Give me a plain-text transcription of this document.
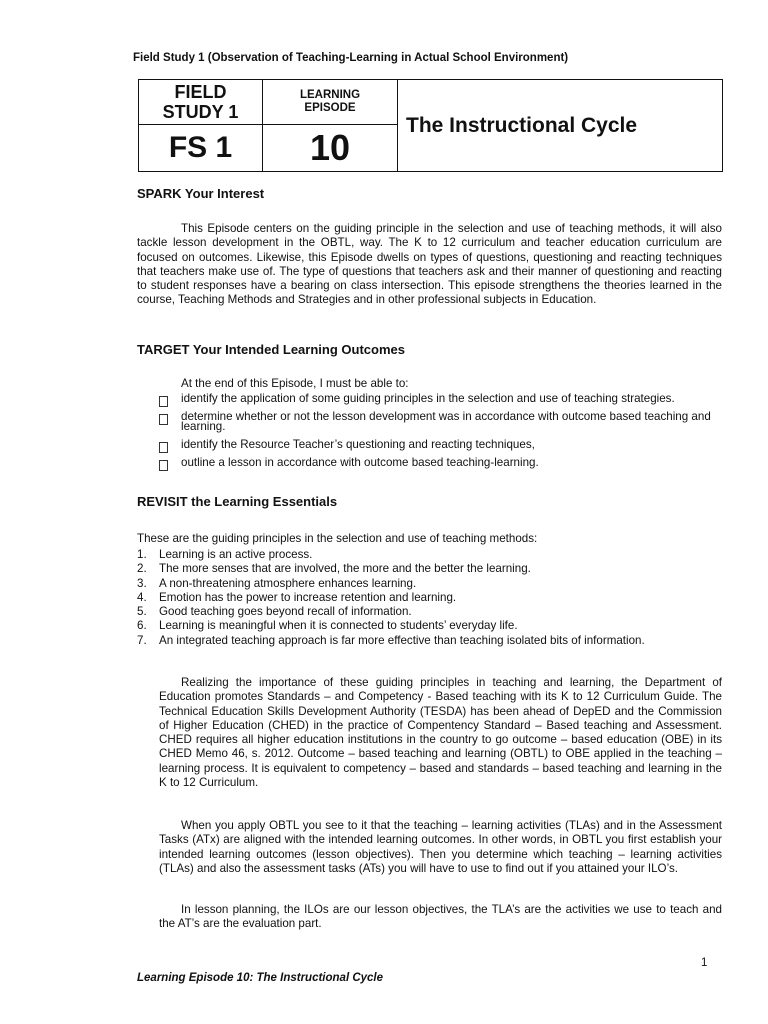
Field Study 1 (Observation of Teaching-Learning in Actual School Environment)
FIELD STUDY 1	LEARNING EPISODE	The Instructional Cycle
FS 1	10	
SPARK Your Interest

This Episode centers on the guiding principle in the selection and use of teaching methods, it will also tackle lesson development in the OBTL, way. The K to 12 curriculum and teacher education curriculum are focused on outcomes. Likewise, this Episode dwells on types of questions, questioning and reacting techniques that teachers make use of. The type of questions that teachers ask and their manner of questioning and reacting to student responses have a bearing on class intersection. This episode strengthens the theories learned in the course, Teaching Methods and Strategies and in other professional subjects in Education.

TARGET Your Intended Learning Outcomes
At the end of this Episode, I must be able to:
identify the application of some guiding principles in the selection and use of teaching strategies.
determine whether or not the lesson development was in accordance with outcome based teaching and learning.
identify the Resource Teacher’s questioning and reacting techniques,
outline a lesson in accordance with outcome based teaching-learning.
REVISIT the Learning Essentials
These are the guiding principles in the selection and use of teaching methods:
1. Learning is an active process.
2. The more senses that are involved, the more and the better the learning.
3. A non-threatening atmosphere enhances learning.
4. Emotion has the power to increase retention and learning.
5. Good teaching goes beyond recall of information.
6. Learning is meaningful when it is connected to students’ everyday life.
7. An integrated teaching approach is far more effective than teaching isolated bits of information.

Realizing the importance of these guiding principles in teaching and learning, the Department of Education promotes Standards – and Competency - Based teaching with its K to 12 Curriculum Guide. The Technical Education Skills Development Authority (TESDA) has been ahead of DepED and the Commission of Higher Education (CHED) in the practice of Compentency Standard – Based teaching and Assessment. CHED requires all higher education institutions in the country to go outcome – based education (OBE) in its CHED Memo 46, s. 2012. Outcome – based teaching and learning (OBTL) to OBE applied in the teaching – learning process. It is equivalent to competency – based and standards – based teaching and learning in the K to 12 Curriculum.

When you apply OBTL you see to it that the teaching – learning activities (TLAs) and in the Assessment Tasks (ATx) are aligned with the intended learning outcomes. In other words, in OBTL you first establish your intended learning outcomes (lesson objectives). Then you determine which teaching – learning activities (TLAs) and also the assessment tasks (ATs) you will have to use to find out if you attained your ILO’s.

In lesson planning, the ILOs are our lesson objectives, the TLA’s are the activities we use to teach and the AT’s are the evaluation part.

1
Learning Episode 10: The Instructional Cycle
